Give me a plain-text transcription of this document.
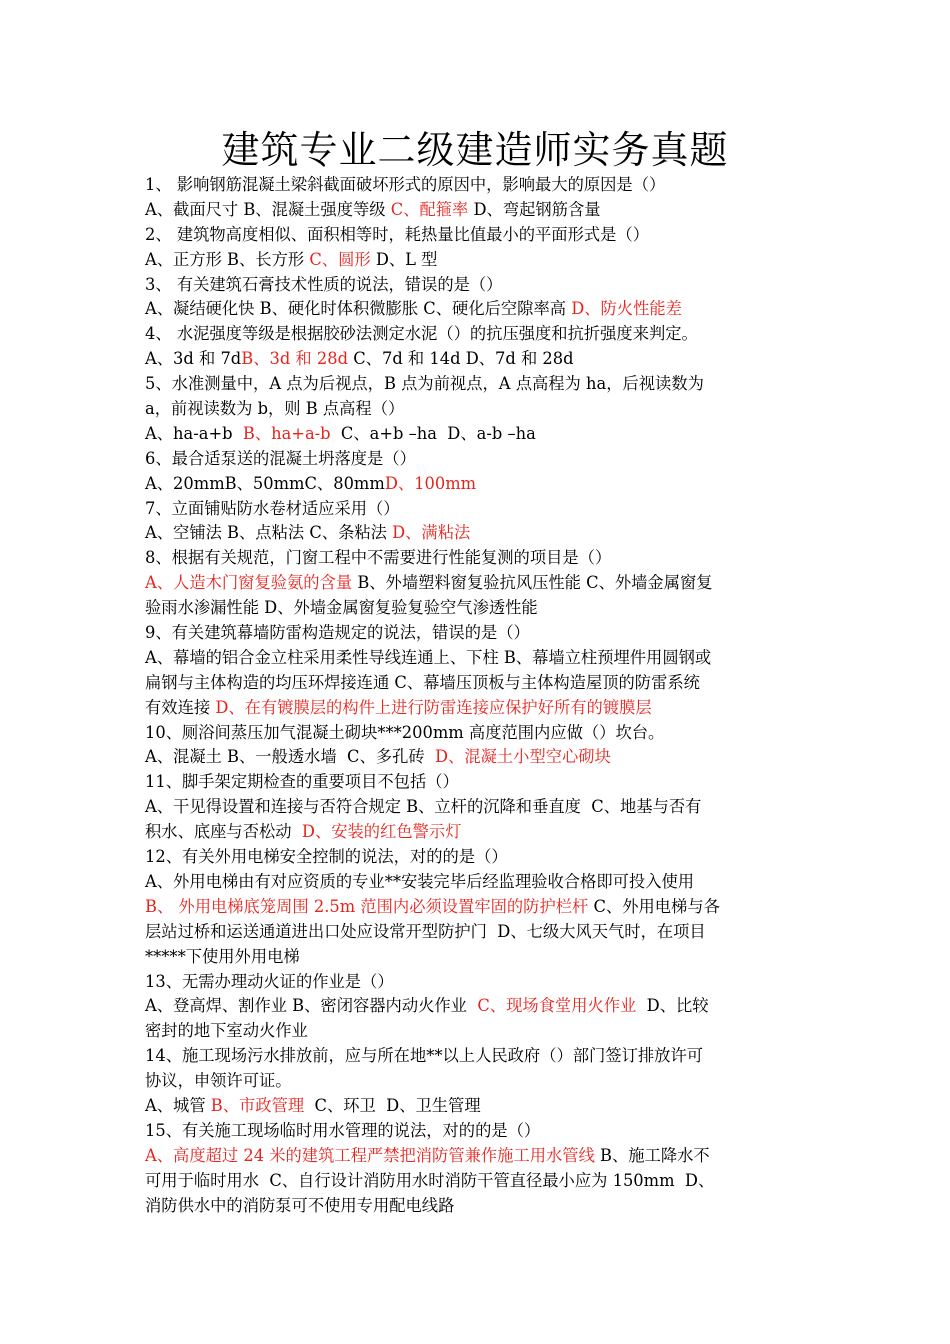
建筑专业二级建造师实务真题
1、 影响钢筋混凝土梁斜截面破坏形式的原因中，影响最大的原因是（）
A、截面尺寸 B、混凝土强度等级 C、配箍率 D、弯起钢筋含量
2、 建筑物高度相似、面积相等时，耗热量比值最小的平面形式是（）
A、正方形 B、长方形 C、圆形 D、L 型
3、 有关建筑石膏技术性质的说法，错误的是（）
A、凝结硬化快 B、硬化时体积微膨胀 C、硬化后空隙率高 D、防火性能差
4、 水泥强度等级是根据胶砂法测定水泥（）的抗压强度和抗折强度来判定。
A、3d 和 7dB、3d 和 28d C、7d 和 14d D、7d 和 28d
5、水准测量中，A 点为后视点，B 点为前视点，A 点高程为 ha，后视读数为
a，前视读数为 b，则 B 点高程（）
A、ha-a+b  B、ha+a-b  C、a+b –ha  D、a-b –ha
6、最合适泵送的混凝土坍落度是（）
A、20mmB、50mmC、80mmD、100mm
7、立面铺贴防水卷材适应采用（）
A、空铺法 B、点粘法 C、条粘法 D、满粘法
8、根据有关规范，门窗工程中不需要进行性能复测的项目是（）
A、人造木门窗复验氨的含量 B、外墙塑料窗复验抗风压性能 C、外墙金属窗复
验雨水渗漏性能 D、外墙金属窗复验复验空气渗透性能
9、有关建筑幕墙防雷构造规定的说法，错误的是（）
A、幕墙的铝合金立柱采用柔性导线连通上、下柱 B、幕墙立柱预埋件用圆钢或
扁钢与主体构造的均压环焊接连通 C、幕墙压顶板与主体构造屋顶的防雷系统
有效连接 D、在有镀膜层的构件上进行防雷连接应保护好所有的镀膜层
10、厕浴间蒸压加气混凝土砌块***200mm 高度范围内应做（）坎台。
A、混凝土 B、一般透水墙  C、多孔砖  D、混凝土小型空心砌块
11、脚手架定期检查的重要项目不包括（）
A、干见得设置和连接与否符合规定 B、立杆的沉降和垂直度  C、地基与否有
积水、底座与否松动  D、安装的红色警示灯
12、有关外用电梯安全控制的说法，对的的是（）
A、外用电梯由有对应资质的专业**安装完毕后经监理验收合格即可投入使用
B、 外用电梯底笼周围 2.5m 范围内必须设置牢固的防护栏杆 C、外用电梯与各
层站过桥和运送通道进出口处应设常开型防护门  D、七级大风天气时，在项目
*****下使用外用电梯
13、无需办理动火证的作业是（）
A、登高焊、割作业 B、密闭容器内动火作业  C、现场食堂用火作业  D、比较
密封的地下室动火作业
14、施工现场污水排放前，应与所在地**以上人民政府（）部门签订排放许可
协议，申领许可证。
A、城管 B、市政管理  C、环卫  D、卫生管理
15、有关施工现场临时用水管理的说法，对的的是（）
A、高度超过 24 米的建筑工程严禁把消防管兼作施工用水管线 B、施工降水不
可用于临时用水  C、自行设计消防用水时消防干管直径最小应为 150mm  D、
消防供水中的消防泵可不使用专用配电线路
